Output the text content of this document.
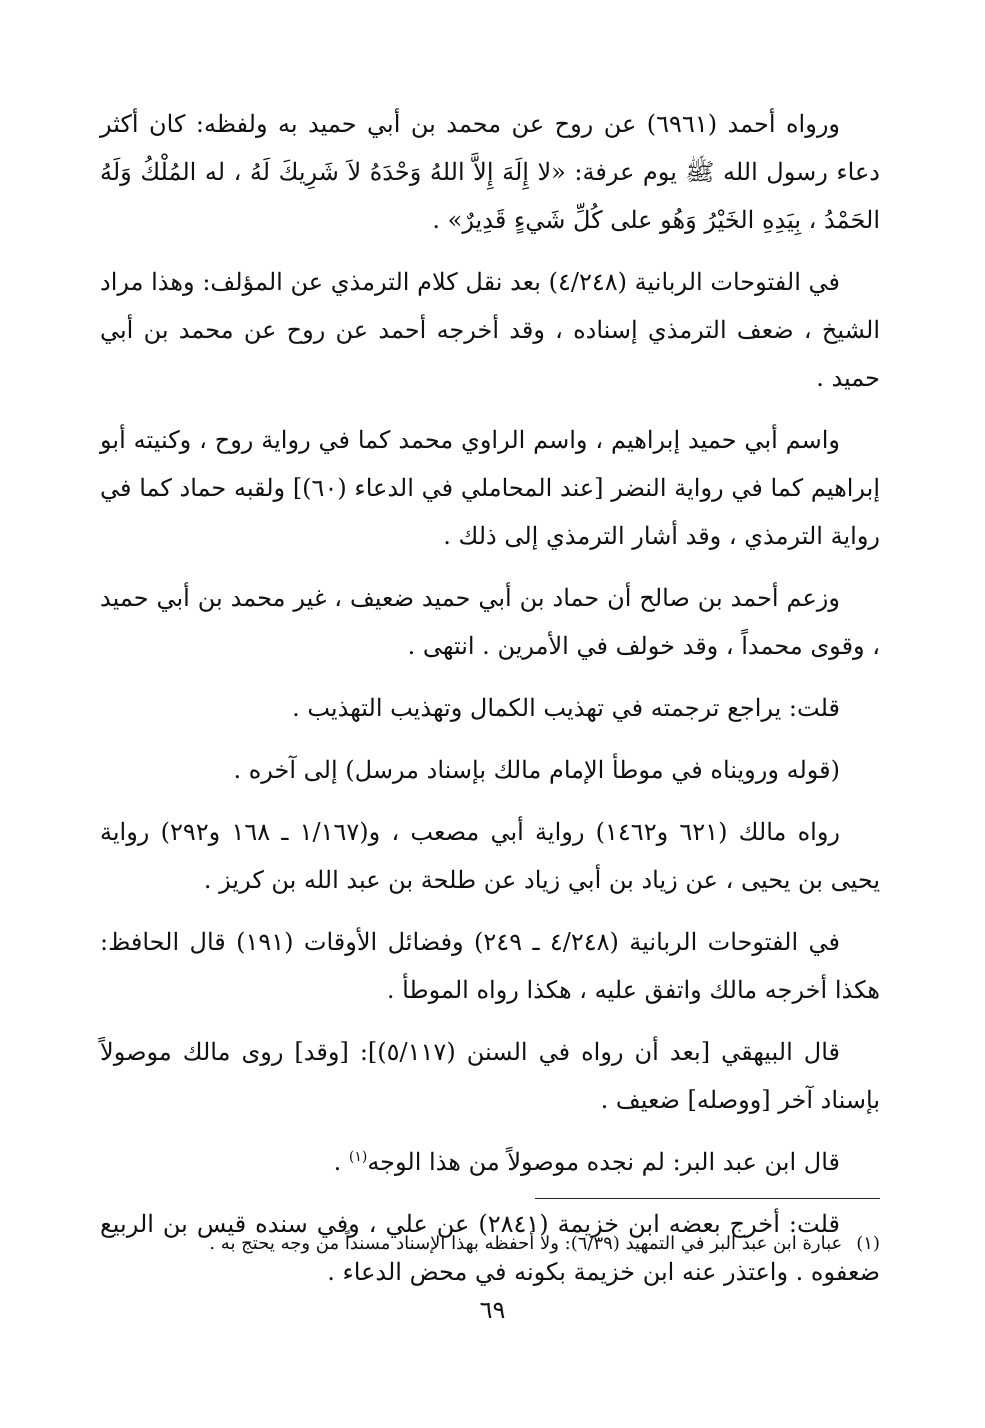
ورواه أحمد (٦٩٦١) عن روح عن محمد بن أبي حميد به ولفظه: كان أكثر دعاء رسول الله ﷺ يوم عرفة: «لا إِلَهَ إِلاَّ اللهُ وَحْدَهُ لاَ شَرِيكَ لَهُ ، له المُلْكُ وَلَهُ الحَمْدُ ، بِيَدِهِ الخَيْرُ وَهُو على كُلِّ شَيءٍ قَدِيرٌ» .

في الفتوحات الربانية (٤/٢٤٨) بعد نقل كلام الترمذي عن المؤلف: وهذا مراد الشيخ ، ضعف الترمذي إسناده ، وقد أخرجه أحمد عن روح عن محمد بن أبي حميد .

واسم أبي حميد إبراهيم ، واسم الراوي محمد كما في رواية روح ، وكنيته أبو إبراهيم كما في رواية النضر [عند المحاملي في الدعاء (٦٠)] ولقبه حماد كما في رواية الترمذي ، وقد أشار الترمذي إلى ذلك .

وزعم أحمد بن صالح أن حماد بن أبي حميد ضعيف ، غير محمد بن أبي حميد ، وقوى محمداً ، وقد خولف في الأمرين . انتهى .

قلت: يراجع ترجمته في تهذيب الكمال وتهذيب التهذيب .

(قوله ورويناه في موطأ الإمام مالك بإسناد مرسل) إلى آخره .

رواه مالك (٦٢١ و١٤٦٢) رواية أبي مصعب ، و(١/١٦٧ ـ ١٦٨ و٢٩٢) رواية يحيى بن يحيى ، عن زياد بن أبي زياد عن طلحة بن عبد الله بن كريز .

في الفتوحات الربانية (٤/٢٤٨ ـ ٢٤٩) وفضائل الأوقات (١٩١) قال الحافظ: هكذا أخرجه مالك واتفق عليه ، هكذا رواه الموطأ .

قال البيهقي [بعد أن رواه في السنن (٥/١١٧)]: [وقد] روى مالك موصولاً بإسناد آخر [ووصله] ضعيف .

قال ابن عبد البر: لم نجده موصولاً من هذا الوجه$^{(١)}$ .

قلت: أخرج بعضه ابن خزيمة (٢٨٤١) عن علي ، وفي سنده قيس بن الربيع ضعفوه . واعتذر عنه ابن خزيمة بكونه في محض الدعاء .

(١)عبارة ابن عبد البر في التمهيد (٦/٣٩): ولا أحفظه بهذا الإسناد مسنداً من وجه يحتج به .
٦٩
